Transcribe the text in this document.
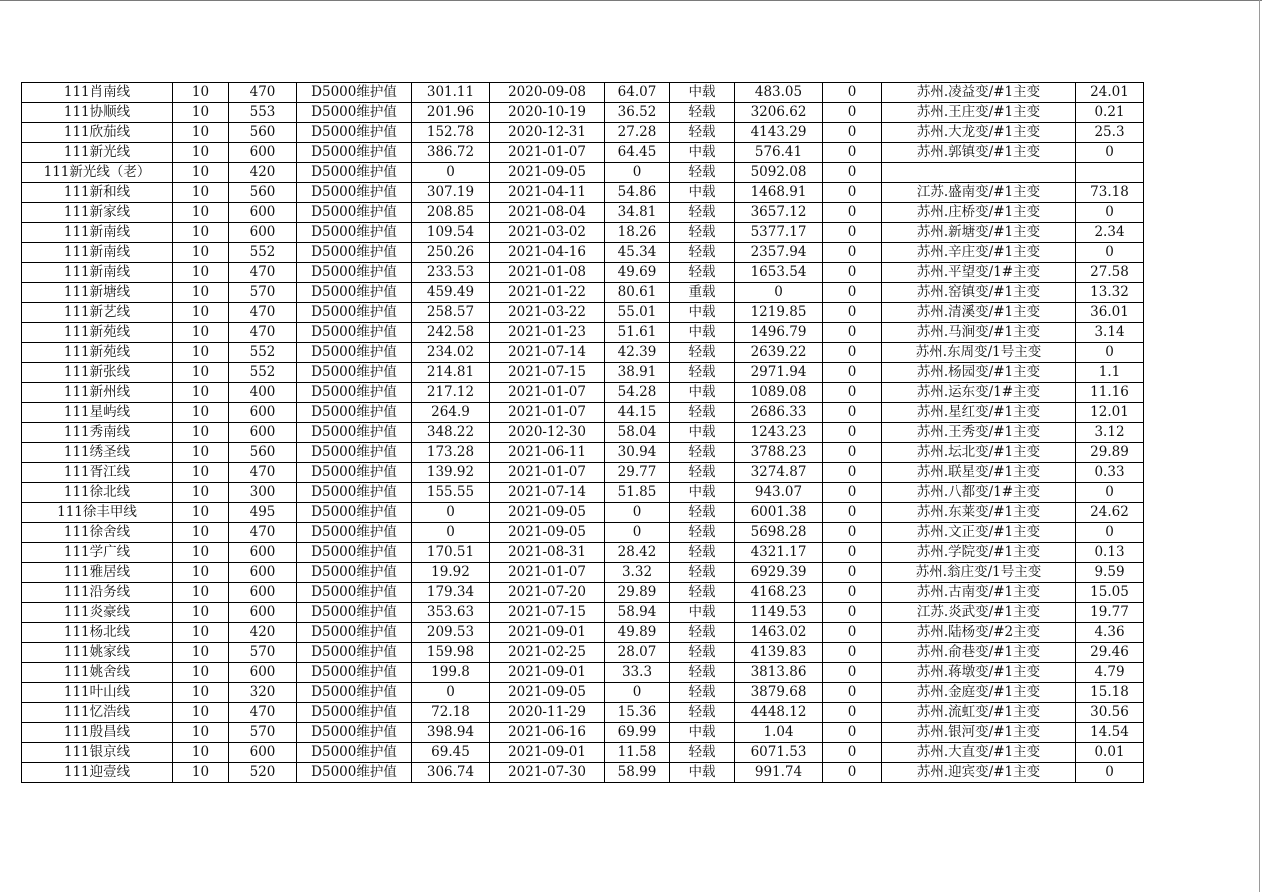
111肖南线	10	470	D5000维护值	301.11	2020-09-08	64.07	中载	483.05	0	苏州.凌益变/#1主变	24.01
111协顺线	10	553	D5000维护值	201.96	2020-10-19	36.52	轻载	3206.62	0	苏州.王庄变/#1主变	0.21
111欣茄线	10	560	D5000维护值	152.78	2020-12-31	27.28	轻载	4143.29	0	苏州.大龙变/#1主变	25.3
111新光线	10	600	D5000维护值	386.72	2021-01-07	64.45	中载	576.41	0	苏州.郭镇变/#1主变	0
111新光线（老）	10	420	D5000维护值	0	2021-09-05	0	轻载	5092.08	0		
111新和线	10	560	D5000维护值	307.19	2021-04-11	54.86	中载	1468.91	0	江苏.盛南变/#1主变	73.18
111新家线	10	600	D5000维护值	208.85	2021-08-04	34.81	轻载	3657.12	0	苏州.庄桥变/#1主变	0
111新南线	10	600	D5000维护值	109.54	2021-03-02	18.26	轻载	5377.17	0	苏州.新塘变/#1主变	2.34
111新南线	10	552	D5000维护值	250.26	2021-04-16	45.34	轻载	2357.94	0	苏州.辛庄变/#1主变	0
111新南线	10	470	D5000维护值	233.53	2021-01-08	49.69	轻载	1653.54	0	苏州.平望变/1#主变	27.58
111新塘线	10	570	D5000维护值	459.49	2021-01-22	80.61	重载	0	0	苏州.窑镇变/#1主变	13.32
111新艺线	10	470	D5000维护值	258.57	2021-03-22	55.01	中载	1219.85	0	苏州.清溪变/#1主变	36.01
111新苑线	10	470	D5000维护值	242.58	2021-01-23	51.61	中载	1496.79	0	苏州.马涧变/#1主变	3.14
111新苑线	10	552	D5000维护值	234.02	2021-07-14	42.39	轻载	2639.22	0	苏州.东周变/1号主变	0
111新张线	10	552	D5000维护值	214.81	2021-07-15	38.91	轻载	2971.94	0	苏州.杨园变/#1主变	1.1
111新州线	10	400	D5000维护值	217.12	2021-01-07	54.28	中载	1089.08	0	苏州.运东变/1#主变	11.16
111星屿线	10	600	D5000维护值	264.9	2021-01-07	44.15	轻载	2686.33	0	苏州.星红变/#1主变	12.01
111秀南线	10	600	D5000维护值	348.22	2020-12-30	58.04	中载	1243.23	0	苏州.王秀变/#1主变	3.12
111绣圣线	10	560	D5000维护值	173.28	2021-06-11	30.94	轻载	3788.23	0	苏州.坛北变/#1主变	29.89
111胥江线	10	470	D5000维护值	139.92	2021-01-07	29.77	轻载	3274.87	0	苏州.联星变/#1主变	0.33
111徐北线	10	300	D5000维护值	155.55	2021-07-14	51.85	中载	943.07	0	苏州.八都变/1#主变	0
111徐丰甲线	10	495	D5000维护值	0	2021-09-05	0	轻载	6001.38	0	苏州.东莱变/#1主变	24.62
111徐舍线	10	470	D5000维护值	0	2021-09-05	0	轻载	5698.28	0	苏州.文正变/#1主变	0
111学广线	10	600	D5000维护值	170.51	2021-08-31	28.42	轻载	4321.17	0	苏州.学院变/#1主变	0.13
111雅居线	10	600	D5000维护值	19.92	2021-01-07	3.32	轻载	6929.39	0	苏州.翁庄变/1号主变	9.59
111沿务线	10	600	D5000维护值	179.34	2021-07-20	29.89	轻载	4168.23	0	苏州.古南变/#1主变	15.05
111炎豪线	10	600	D5000维护值	353.63	2021-07-15	58.94	中载	1149.53	0	江苏.炎武变/#1主变	19.77
111杨北线	10	420	D5000维护值	209.53	2021-09-01	49.89	轻载	1463.02	0	苏州.陆杨变/#2主变	4.36
111姚家线	10	570	D5000维护值	159.98	2021-02-25	28.07	轻载	4139.83	0	苏州.俞巷变/#1主变	29.46
111姚舍线	10	600	D5000维护值	199.8	2021-09-01	33.3	轻载	3813.86	0	苏州.蒋墩变/#1主变	4.79
111叶山线	10	320	D5000维护值	0	2021-09-05	0	轻载	3879.68	0	苏州.金庭变/#1主变	15.18
111忆浩线	10	470	D5000维护值	72.18	2020-11-29	15.36	轻载	4448.12	0	苏州.流虹变/#1主变	30.56
111殷昌线	10	570	D5000维护值	398.94	2021-06-16	69.99	中载	1.04	0	苏州.银河变/#1主变	14.54
111银京线	10	600	D5000维护值	69.45	2021-09-01	11.58	轻载	6071.53	0	苏州.大直变/#1主变	0.01
111迎壹线	10	520	D5000维护值	306.74	2021-07-30	58.99	中载	991.74	0	苏州.迎宾变/#1主变	0
